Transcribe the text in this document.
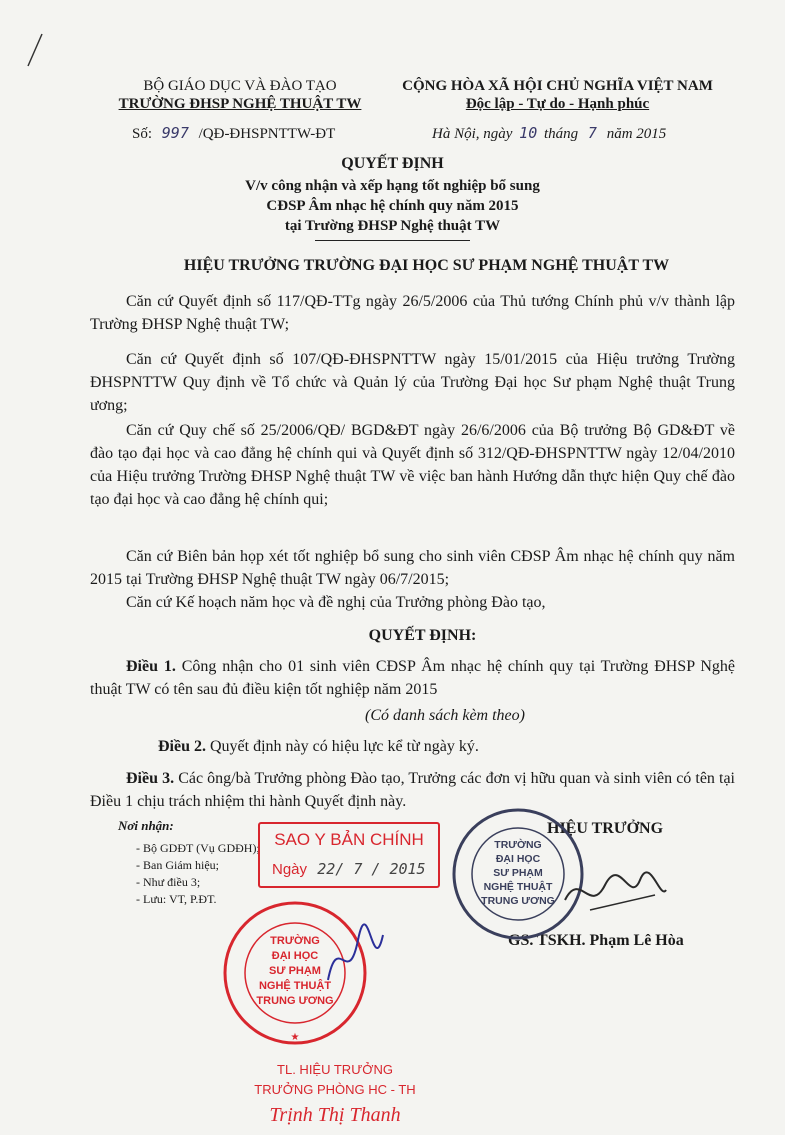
BỘ GIÁO DỤC VÀ ĐÀO TẠO
TRƯỜNG ĐHSP NGHỆ THUẬT TW
Số: 997 /QĐ-ĐHSPNTTW-ĐT
CỘNG HÒA XÃ HỘI CHỦ NGHĨA VIỆT NAM
Độc lập - Tự do - Hạnh phúc
Hà Nội, ngày 10 tháng 7 năm 2015
QUYẾT ĐỊNH
V/v công nhận và xếp hạng tốt nghiệp bổ sung
CĐSP Âm nhạc hệ chính quy năm 2015
tại Trường ĐHSP Nghệ thuật TW
HIỆU TRƯỞNG TRƯỜNG ĐẠI HỌC SƯ PHẠM NGHỆ THUẬT TW
Căn cứ Quyết định số 117/QĐ-TTg ngày 26/5/2006 của Thủ tướng Chính phủ v/v thành lập Trường ĐHSP Nghệ thuật TW;
Căn cứ Quyết định số 107/QĐ-ĐHSPNTTW ngày 15/01/2015 của Hiệu trưởng Trường ĐHSPNTTW Quy định về Tổ chức và Quản lý của Trường Đại học Sư phạm Nghệ thuật Trung ương;
Căn cứ Quy chế số 25/2006/QĐ/ BGD&ĐT ngày 26/6/2006 của Bộ trưởng Bộ GD&ĐT về đào tạo đại học và cao đẳng hệ chính qui và Quyết định số 312/QĐ-ĐHSPNTTW ngày 12/04/2010 của Hiệu trưởng Trường ĐHSP Nghệ thuật TW về việc ban hành Hướng dẫn thực hiện Quy chế đào tạo đại học và cao đẳng hệ chính qui;
Căn cứ Biên bản họp xét tốt nghiệp bổ sung cho sinh viên CĐSP Âm nhạc hệ chính quy năm 2015 tại Trường ĐHSP Nghệ thuật TW ngày 06/7/2015;
Căn cứ Kế hoạch năm học và đề nghị của Trưởng phòng Đào tạo,
QUYẾT ĐỊNH:
Điều 1. Công nhận cho 01 sinh viên CĐSP Âm nhạc hệ chính quy tại Trường ĐHSP Nghệ thuật TW có tên sau đủ điều kiện tốt nghiệp năm 2015
(Có danh sách kèm theo)
Điều 2. Quyết định này có hiệu lực kể từ ngày ký.
Điều 3. Các ông/bà Trưởng phòng Đào tạo, Trưởng các đơn vị hữu quan và sinh viên có tên tại Điều 1 chịu trách nhiệm thi hành Quyết định này.
Nơi nhận:
- Bộ GDĐT (Vụ GDĐH);
- Ban Giám hiệu;
- Như điều 3;
- Lưu: VT, P.ĐT.
HIỆU TRƯỞNG
GS. TSKH. Phạm Lê Hòa
TRƯỜNG
ĐẠI HỌC
SƯ PHẠM
NGHỆ THUẬT
TRUNG ƯƠNG
SAO Y BẢN CHÍNH
Ngày 22/ 7 / 2015
★
TRƯỜNG
ĐẠI HỌC
SƯ PHẠM
NGHỆ THUẬT
TRUNG ƯƠNG
TL. HIỆU TRƯỞNG
TRƯỞNG PHÒNG HC - TH
Trịnh Thị Thanh
